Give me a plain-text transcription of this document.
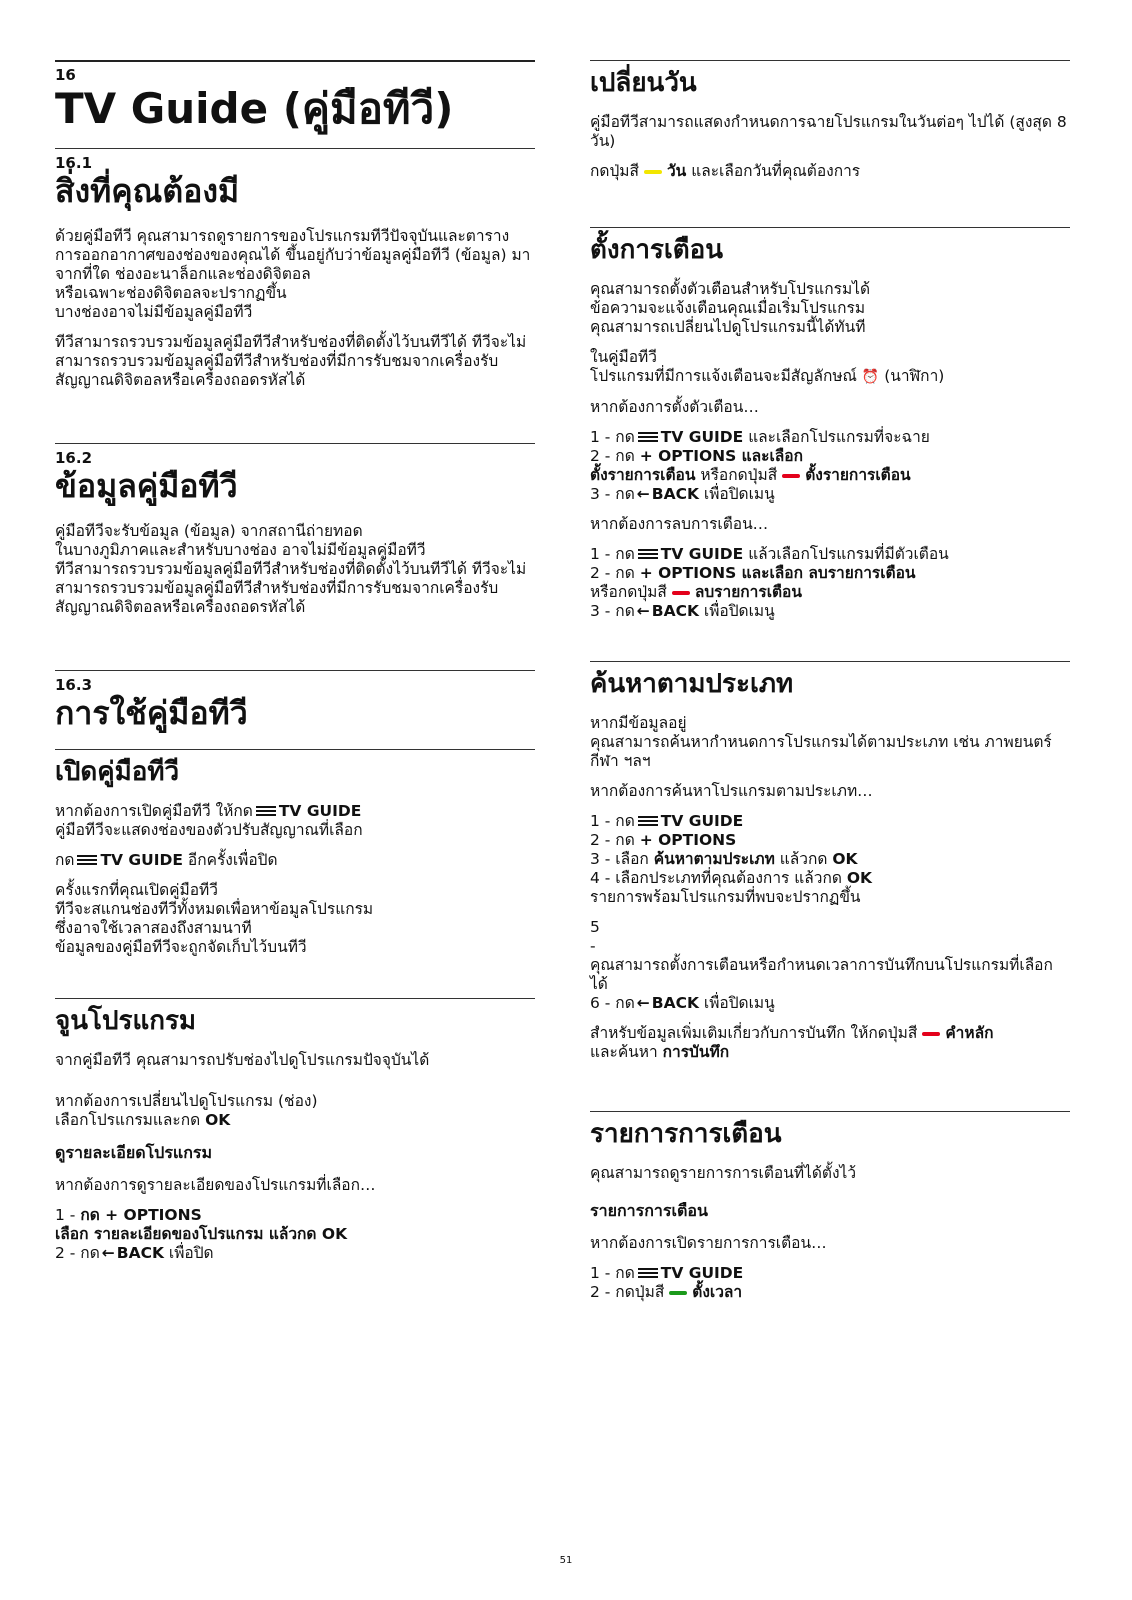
16
TV Guide (คู่มือทีวี)
16.1
สิ่งที่คุณต้องมี

ด้วยคู่มือทีวี คุณสามารถดูรายการของโปรแกรมทีวีปัจจุบันและตารางการออกอากาศของช่องของคุณได้ ขึ้นอยู่กับว่าข้อมูลคู่มือทีวี (ข้อมูล) มาจากที่ใด ช่องอะนาล็อกและช่องดิจิตอล
หรือเฉพาะช่องดิจิตอลจะปรากฏขึ้น
บางช่องอาจไม่มีข้อมูลคู่มือทีวี

ทีวีสามารถรวบรวมข้อมูลคู่มือทีวีสำหรับช่องที่ติดตั้งไว้บนทีวีได้ ทีวีจะไม่สามารถรวบรวมข้อมูลคู่มือทีวีสำหรับช่องที่มีการรับชมจากเครื่องรับสัญญาณดิจิตอลหรือเครื่องถอดรหัสได้

16.2
ข้อมูลคู่มือทีวี

คู่มือทีวีจะรับข้อมูล (ข้อมูล) จากสถานีถ่ายทอด
ในบางภูมิภาคและสำหรับบางช่อง อาจไม่มีข้อมูลคู่มือทีวี
ทีวีสามารถรวบรวมข้อมูลคู่มือทีวีสำหรับช่องที่ติดตั้งไว้บนทีวีได้ ทีวีจะไม่สามารถรวบรวมข้อมูลคู่มือทีวีสำหรับช่องที่มีการรับชมจากเครื่องรับสัญญาณดิจิตอลหรือเครื่องถอดรหัสได้

16.3
การใช้คู่มือทีวี
เปิดคู่มือทีวี

หากต้องการเปิดคู่มือทีวี ให้กด TV GUIDE
คู่มือทีวีจะแสดงช่องของตัวปรับสัญญาณที่เลือก

กด TV GUIDE อีกครั้งเพื่อปิด

ครั้งแรกที่คุณเปิดคู่มือทีวี
ทีวีจะสแกนช่องทีวีทั้งหมดเพื่อหาข้อมูลโปรแกรม
ซึ่งอาจใช้เวลาสองถึงสามนาที
ข้อมูลของคู่มือทีวีจะถูกจัดเก็บไว้บนทีวี

จูนโปรแกรม

จากคู่มือทีวี คุณสามารถปรับช่องไปดูโปรแกรมปัจจุบันได้

หากต้องการเปลี่ยนไปดูโปรแกรม (ช่อง)
เลือกโปรแกรมและกด OK

ดูรายละเอียดโปรแกรม

หากต้องการดูรายละเอียดของโปรแกรมที่เลือก…

1 - กด + OPTIONS

เลือก รายละเอียดของโปรแกรม แล้วกด OK

2 - กด ← BACK เพื่อปิด

เปลี่ยนวัน

คู่มือทีวีสามารถแสดงกำหนดการฉายโปรแกรมในวันต่อๆ ไปได้ (สูงสุด 8 วัน)

กดปุ่มสี วัน และเลือกวันที่คุณต้องการ

ตั้งการเตือน

คุณสามารถตั้งตัวเตือนสำหรับโปรแกรมได้
ข้อความจะแจ้งเตือนคุณเมื่อเริ่มโปรแกรม
คุณสามารถเปลี่ยนไปดูโปรแกรมนี้ได้ทันที

ในคู่มือทีวี
โปรแกรมที่มีการแจ้งเตือนจะมีสัญลักษณ์ ⏰ (นาฬิกา)

หากต้องการตั้งตัวเตือน…

1 - กด TV GUIDE และเลือกโปรแกรมที่จะฉาย

2 - กด + OPTIONS และเลือก

ตั้งรายการเตือน หรือกดปุ่มสี ตั้งรายการเตือน

3 - กด ← BACK เพื่อปิดเมนู

หากต้องการลบการเตือน…

1 - กด TV GUIDE แล้วเลือกโปรแกรมที่มีตัวเตือน

2 - กด + OPTIONS และเลือก ลบรายการเตือน

หรือกดปุ่มสี ลบรายการเตือน

3 - กด ← BACK เพื่อปิดเมนู

ค้นหาตามประเภท

หากมีข้อมูลอยู่
คุณสามารถค้นหากำหนดการโปรแกรมได้ตามประเภท เช่น ภาพยนตร์ กีฬา ฯลฯ

หากต้องการค้นหาโปรแกรมตามประเภท…

1 - กด TV GUIDE

2 - กด + OPTIONS

3 - เลือก ค้นหาตามประเภท แล้วกด OK

4 - เลือกประเภทที่คุณต้องการ แล้วกด OK
รายการพร้อมโปรแกรมที่พบจะปรากฏขึ้น

5
-
คุณสามารถตั้งการเตือนหรือกำหนดเวลาการบันทึกบนโปรแกรมที่เลือกได้

6 - กด ← BACK เพื่อปิดเมนู

สำหรับข้อมูลเพิ่มเติมเกี่ยวกับการบันทึก ให้กดปุ่มสี คำหลัก
และค้นหา การบันทึก

รายการการเตือน

คุณสามารถดูรายการการเตือนที่ได้ตั้งไว้

รายการการเตือน

หากต้องการเปิดรายการการเตือน…

1 - กด TV GUIDE

2 - กดปุ่มสี ตั้งเวลา

51
